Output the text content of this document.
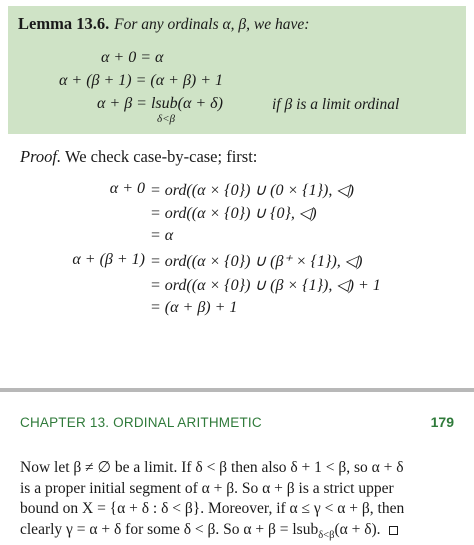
Lemma 13.6. For any ordinals α, β, we have:
α + 0 = α
α + (β + 1) = (α + β) + 1
α + β = lsub(α + δ)
δ<β
if β is a limit ordinal
Proof. We check case-by-case; first:
α + 0 = ord((α × {0}) ∪ (0 × {1}), ◁)
= ord((α × {0}) ∪ {0}, ◁)
= α
α + (β + 1) = ord((α × {0}) ∪ (β⁺ × {1}), ◁)
= ord((α × {0}) ∪ (β × {1}), ◁) + 1
= (α + β) + 1
CHAPTER 13. ORDINAL ARITHMETIC	179
Now let β ≠ ∅ be a limit. If δ < β then also δ + 1 < β, so α + δ
is a proper initial segment of α + β. So α + β is a strict upper
bound on X = {α + δ : δ < β}. Moreover, if α ≤ γ < α + β, then
clearly γ = α + δ for some δ < β. So α + β = lsub$_{\delta<\beta}$(α + δ).
